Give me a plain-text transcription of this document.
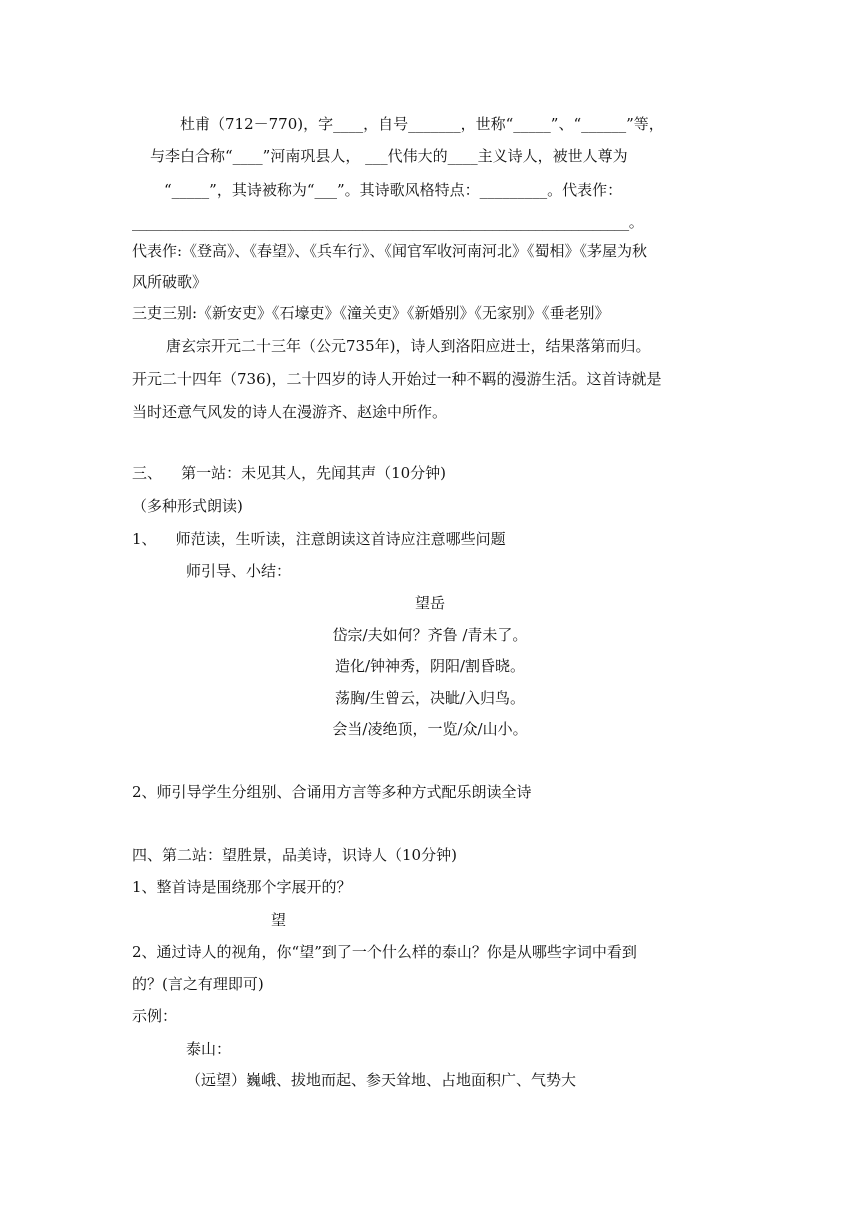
杜甫（712－770)，字____，自号_______，世称“_____”、“______”等，
与李白合称“____”河南巩县人， ___代伟大的____主义诗人，被世人尊为
“_____”，其诗被称为“___”。其诗歌风格特点：_________。代表作：
_____________________________________________________________________。
代表作:《登高》、《春望》、《兵车行》、《闻官军收河南河北》《蜀相》《茅屋为秋
风所破歌》
三吏三别:《新安吏》《石壕吏》《潼关吏》《新婚别》《无家别》《垂老别》
唐玄宗开元二十三年（公元735年)，诗人到洛阳应进士，结果落第而归。
开元二十四年（736)，二十四岁的诗人开始过一种不羁的漫游生活。这首诗就是
当时还意气风发的诗人在漫游齐、赵途中所作。
三、    第一站：未见其人，先闻其声（10分钟)
（多种形式朗读)
1、    师范读，生听读，注意朗读这首诗应注意哪些问题
师引导、小结：
望岳
岱宗/夫如何？齐鲁 /青未了。
造化/钟神秀，阴阳/割昏晓。
荡胸/生曾云，决眦/入归鸟。
会当/凌绝顶，一览/众/山小。
2、师引导学生分组别、合诵用方言等多种方式配乐朗读全诗
四、第二站：望胜景，品美诗，识诗人（10分钟)
1、整首诗是围绕那个字展开的？
望
2、通过诗人的视角，你“望”到了一个什么样的泰山？你是从哪些字词中看到
的？(言之有理即可)
示例：
泰山：
（远望）巍峨、拔地而起、参天耸地、占地面积广、气势大
